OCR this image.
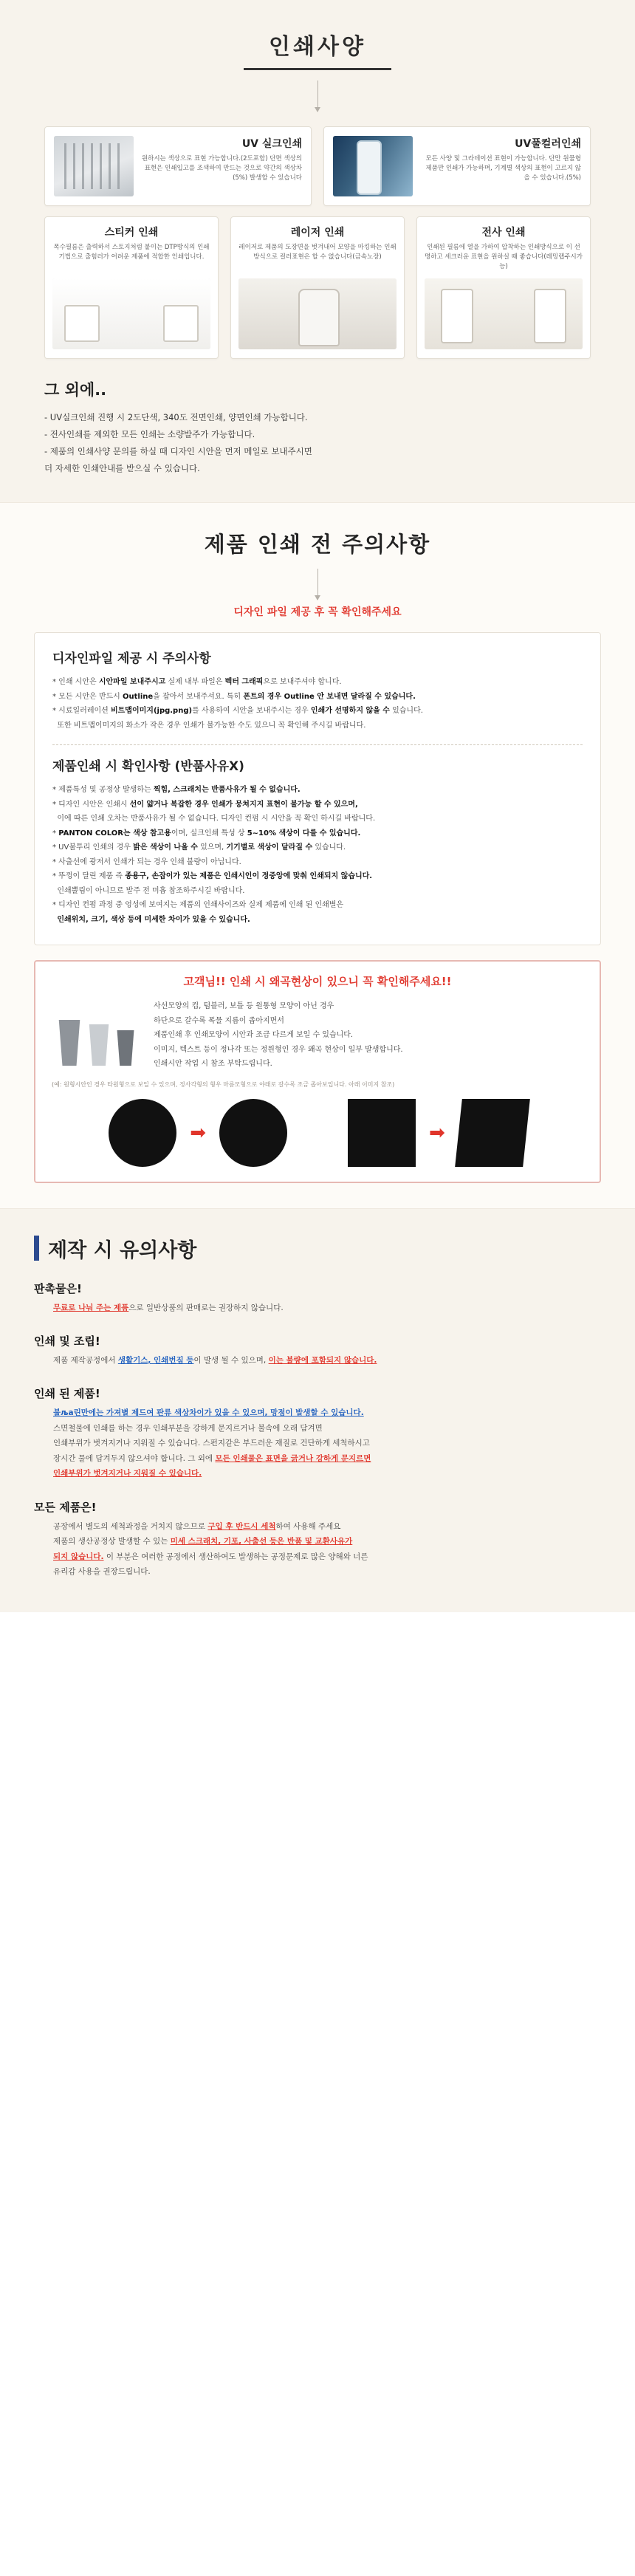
인쇄사양
UV 실크인쇄
원하시는 색상으로 표현 가능합니다.(2도포함) 단면 색상의 표현은 인쇄입고를 조색하여 만드는 것으로 약간의 색상차(5%) 발생할 수 있습니다
UV풀컬러인쇄
모든 사양 및 그라데이션 표현이 가능합니다. 단만 원물형 제품만 인쇄가 가능하며, 기계별 색상의 표현이 고르지 않을 수 있습니다.(5%)
스티커 인쇄
폭수필름은 출력하서 스토지처럼 붙이는 DTP방식의 인쇄기법으로 출힘러가 어려운 제품에 적합한 인쇄입니다.
레이저 인쇄
레이저로 제품의 도장면을 벗겨내어 모양을 마킹하는 인쇄방식으로 컬러표현은 할 수 없습니다(금속노장)
전사 인쇄
인쇄된 필름에 열을 가하여 압착하는 인쇄방식으로 이 선명하고 세크러운 표현을 원하실 때 좋습니다(레밍랩주시가능)
그 외에..
- UV실크인쇄 진행 시 2도단색, 340도 전면인쇄, 양면인쇄 가능합니다.
- 전사인쇄를 제외한 모든 인쇄는 소량발주가 가능합니다.
- 제품의 인쇄사양 문의를 하실 때 디자인 시안을 먼저 메일로 보내주시면
더 자세한 인쇄안내를 받으실 수 있습니다.
제품 인쇄 전 주의사항
디자인 파일 제공 후 꼭 확인해주세요
디자인파일 제공 시 주의사항
* 인쇄 시안은 시안파일 보내주시고 실제 내부 파일은 벡터 그래픽으로 보내주셔야 합니다.
* 모든 시안은 반드시 Outline을 잡아서 보내주셔요. 특히 폰트의 경우 Outline 안 보내면 달라질 수 있습니다.
* 시료일러레이션 비트맵이미지(jpg.png)를 사용하여 시안을 보내주시는 경우 인쇄가 선명하지 않을 수 있습니다.
또한 비트맵이미지의 화소가 작은 경우 인쇄가 불가능한 수도 있으니 꼭 확인해 주시길 바랍니다.
제품인쇄 시 확인사항 (반품사유X)
* 제품특성 및 공정상 발생하는 찍힘, 스크래치는 반품사유가 될 수 없습니다.
* 디자인 시안은 인쇄시 선이 얇거나 복잡한 경우 인쇄가 뭉쳐지지 표현이 불가능 할 수 있으며,
이에 따른 인쇄 오차는 반품사유가 될 수 없습니다. 디자인 컨펌 시 시안을 꼭 확인 하시길 바랍니다.
* PANTON COLOR는 색상 참고용이며, 실크인쇄 특성 상 5~10% 색상이 다를 수 있습니다.
* UV불투리 인쇄의 경우 밝은 색상이 나올 수 있으며, 기기별로 색상이 달라질 수 있습니다.
* 사출선에 광저서 인쇄가 되는 경우 인쇄 불량이 아닙니다.
* 뚜껑이 달린 제품 즉 종용구, 손잡이가 있는 제품은 인쇄시인이 정중앙에 맞춰 인쇄되지 않습니다.
인쇄뿔림이 아니므로 발주 전 미흡 참조하주시길 바랍니다.
* 디자인 컨펌 과정 중 엉성에 보여지는 제품의 인쇄사이즈와 실제 제품에 인쇄 된 인쇄별은
인쇄위치, 크기, 색상 등에 미세한 차이가 있을 수 있습니다.
고객님!! 인쇄 시 왜곡현상이 있으니 꼭 확인해주세요!!
사선모양의 컵, 텀블러, 보틀 등 원통형 모양이 아닌 경우
하단으로 갈수록 폭물 지름이 좁아지면서
제품인쇄 후 인쇄모양이 시안과 조금 다르게 보일 수 있습니다.
이미지, 텍스트 등이 정나각 또는 정원형인 경우 왜곡 현상이 일부 발생합니다.
인쇄시안 작업 시 참조 부탁드립니다.
(예: 원형시안인 경우 타원형으로 보일 수 있으며, 정사각형의 형우 마름모형으로 야래로 갈수록 조금 좁아보입니다. 아래 이미지 참조)
➡	➡
제작 시 유의사항
판촉물은!
무료로 나눠 주는 제품으로 일반상품의 판매로는 권장하지 않습니다.
인쇄 및 조립!
제품 제작공정에서 생활기스, 인쇄번짐 등이 발생 될 수 있으며, 이는 불량에 포함되지 않습니다.
인쇄 된 제품!
불ља린만에는 가져별 제드여 판류 색상차이가 있을 수 있으며, 망점이 발생할 수 있습니다.
스면철물에 인쇄를 하는 경우 인쇄부분을 강하게 문지르거나 불속에 오래 담겨면
인쇄부위가 벗겨지거나 지워질 수 있습니다. 스펀지같은 부드러운 재질로 건단하게 세척하시고
장시간 물에 담겨두지 않으셔야 합니다. 그 외에 모든 인쇄물은 표면을 긁거나 강하게 문지르면
인쇄부위가 벗겨지거나 지워질 수 있습니다.
모든 제품은!
공장에서 별도의 세척과정을 거치지 않으므로 구입 후 반드시 세척하여 사용해 주세요
제품의 생산공정상 발생할 수 있는 미세 스크래치, 기포, 사출선 등은 반품 및 교환사유가
되지 않습니다. 이 부분은 여러한 공정에서 생산하여도 발생하는 공정문제로 많은 양해와 너른
유리감 사용을 권장드립니다.
